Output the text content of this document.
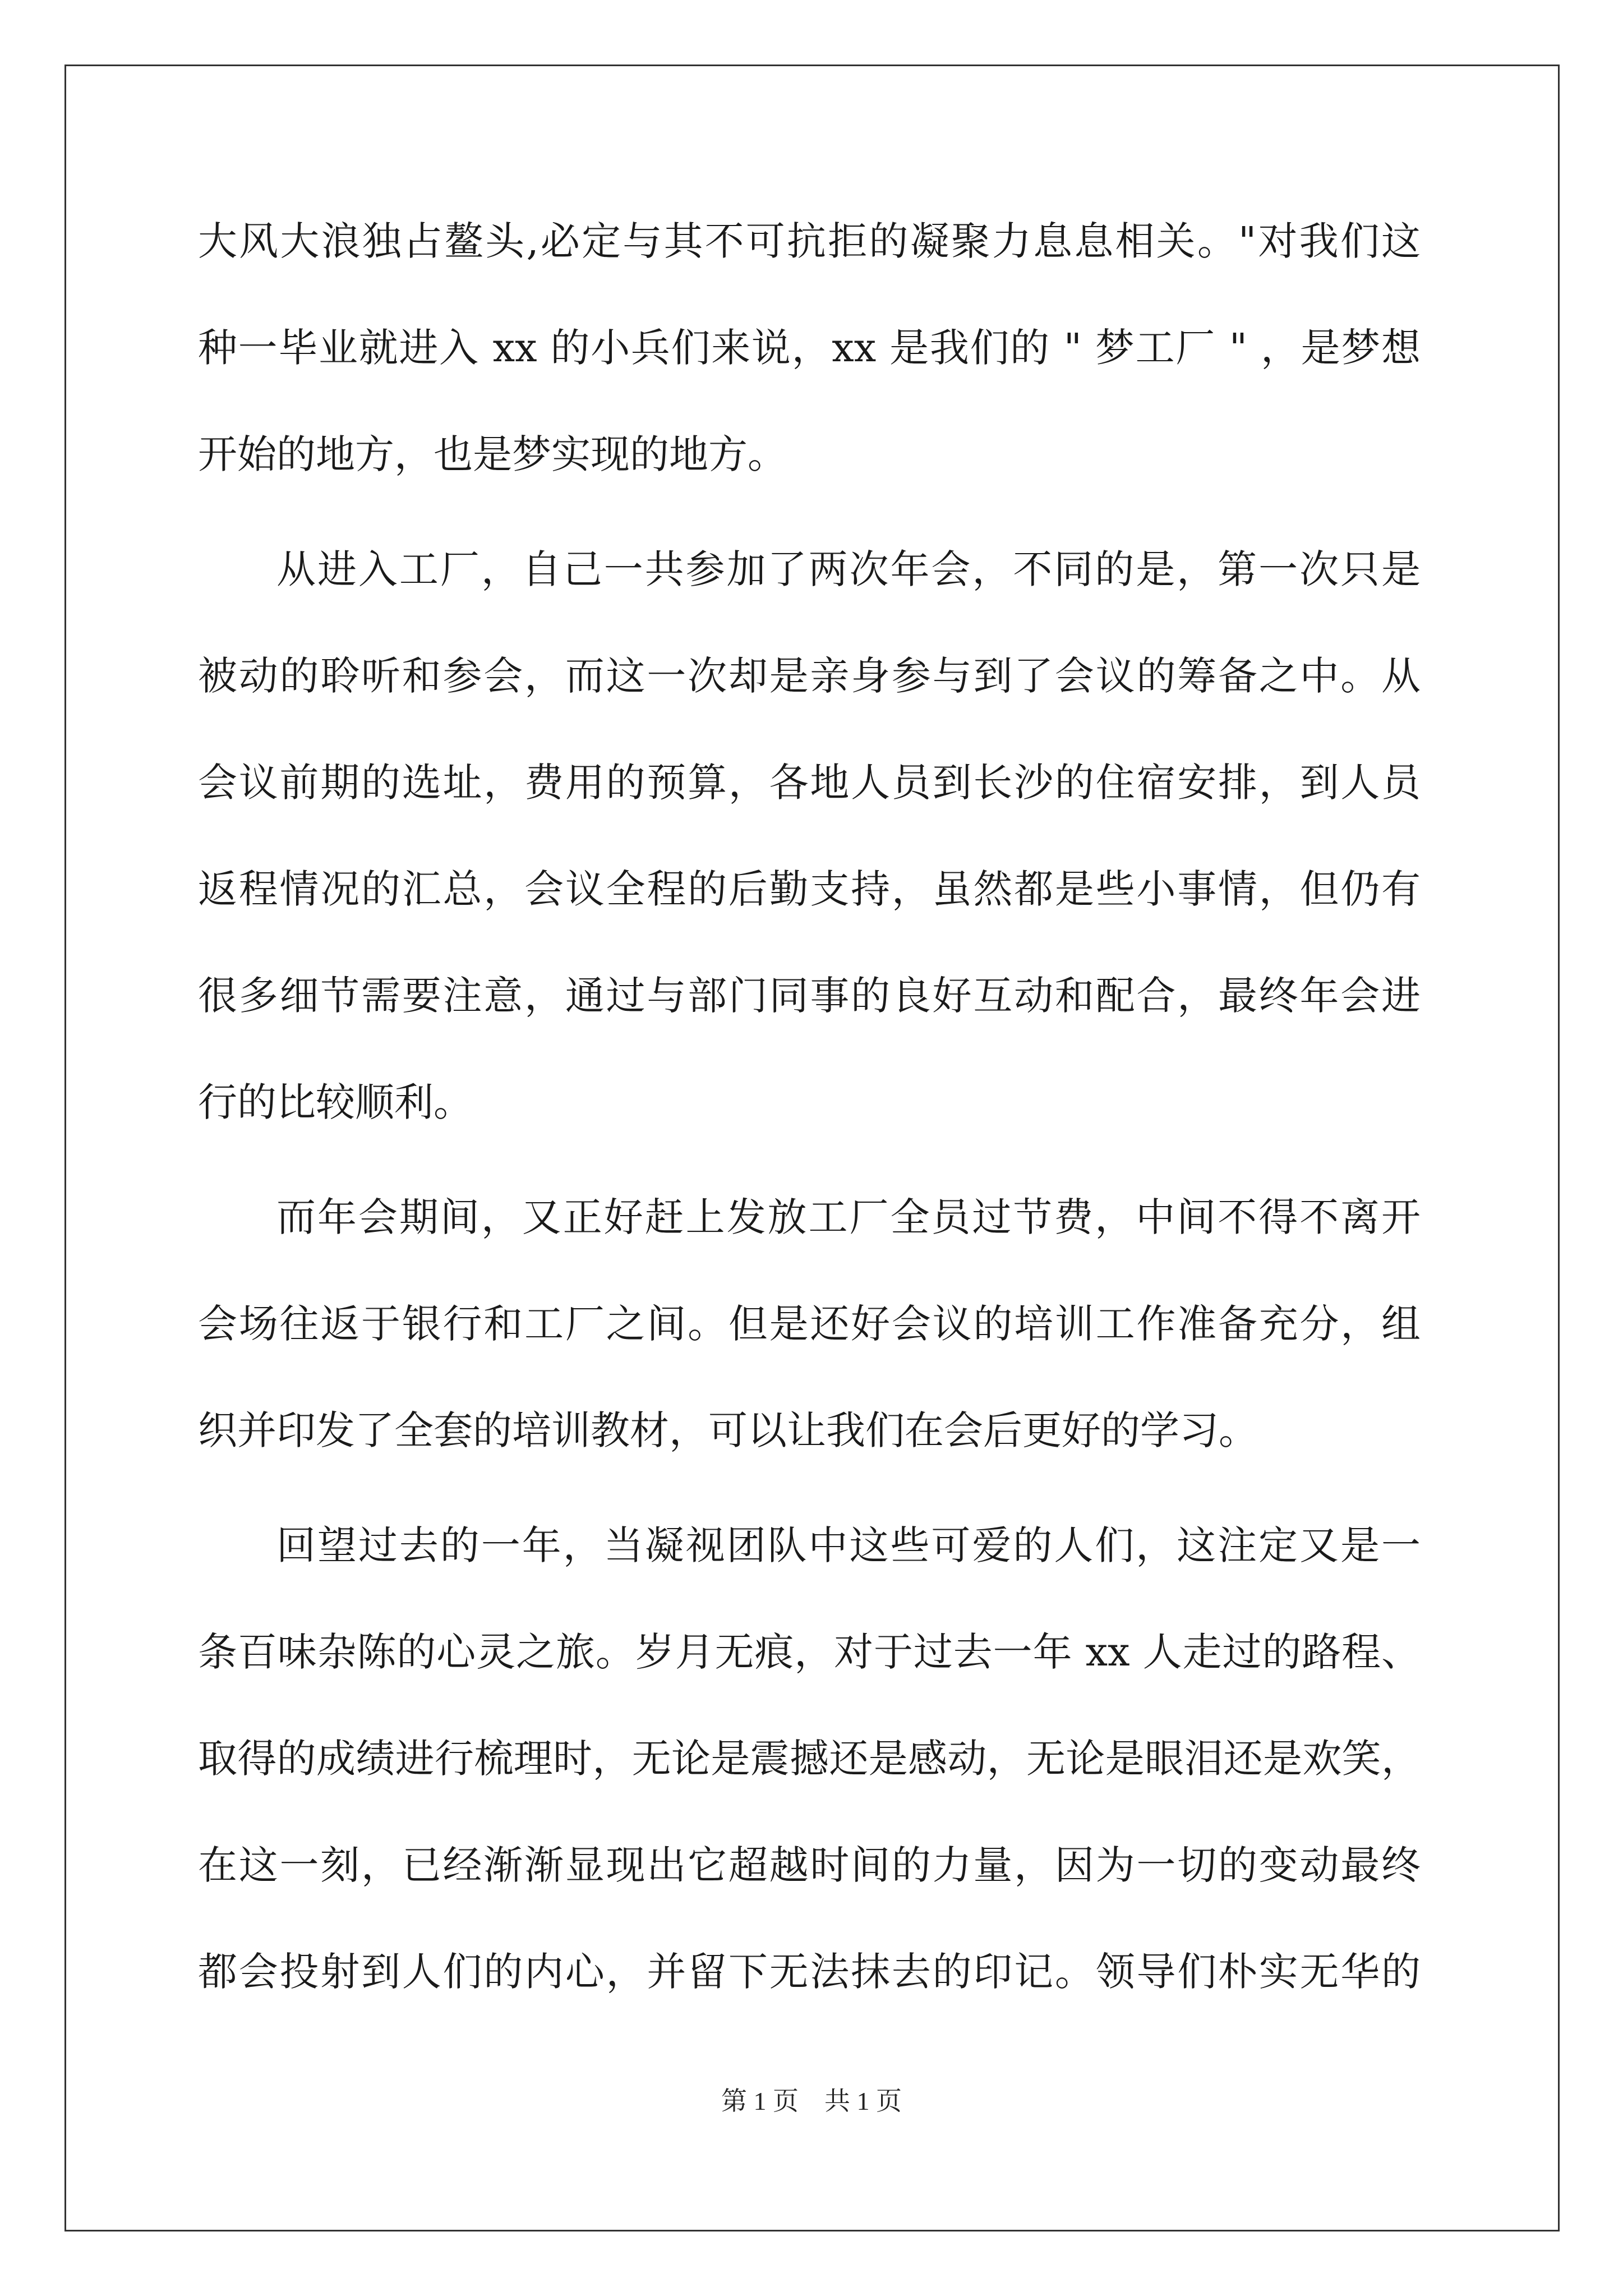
大风大浪独占鳌头,必定与其不可抗拒的凝聚力息息相关。"对我们这
种一毕业就进入 xx 的小兵们来说，xx 是我们的 " 梦工厂 " ，是梦想
开始的地方，也是梦实现的地方。
从进入工厂，自己一共参加了两次年会，不同的是，第一次只是
被动的聆听和参会，而这一次却是亲身参与到了会议的筹备之中。从
会议前期的选址，费用的预算，各地人员到长沙的住宿安排，到人员
返程情况的汇总，会议全程的后勤支持，虽然都是些小事情，但仍有
很多细节需要注意，通过与部门同事的良好互动和配合，最终年会进
行的比较顺利。
而年会期间，又正好赶上发放工厂全员过节费，中间不得不离开
会场往返于银行和工厂之间。但是还好会议的培训工作准备充分，组
织并印发了全套的培训教材，可以让我们在会后更好的学习。
回望过去的一年，当凝视团队中这些可爱的人们，这注定又是一
条百味杂陈的心灵之旅。岁月无痕，对于过去一年 xx 人走过的路程、
取得的成绩进行梳理时，无论是震撼还是感动，无论是眼泪还是欢笑，
在这一刻，已经渐渐显现出它超越时间的力量，因为一切的变动最终
都会投射到人们的内心，并留下无法抹去的印记。领导们朴实无华的
第 1 页 共 1 页
